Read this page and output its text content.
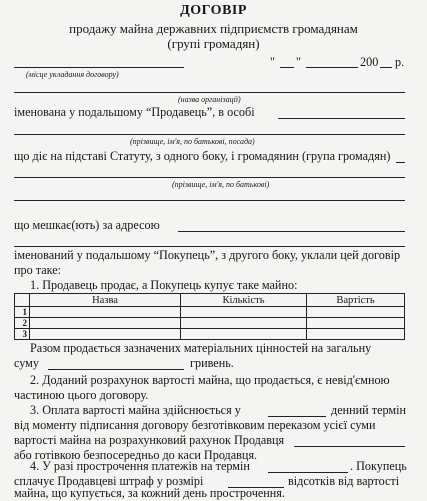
ДОГОВІР
продажу майна державних підприємств громадянам
(групі громадян)
" "	200 р.
(місце укладання договору)
(назва організації)
іменована у подальшому “Продавець”, в особі
(прізвище, ім'я, по батькові, посада)
що діє на підставі Статуту, з одного боку, і громадянин (група громадян)
(прізвище, ім'я, по батькові)
що мешкає(ють) за адресою
іменований у подальшому “Покупець”, з другого боку, уклали цей договір
про таке:
1. Продавець продає, а Покупець купує таке майно:
	Назва	Кількість	Вартість
1			
2			
3			
Разом продається зазначених матеріальних цінностей на загальну
суму	гривень.
2. Доданий розрахунок вартості майна, що продається, є невід'ємною
частиною цього договору.
3. Оплата вартості майна здійснюється у	денний термін
від моменту підписання договору безготівковим переказом усієї суми
вартості майна на розрахунковий рахунок Продавця
або готівкою безпосередньо до каси Продавця.
4. У разі прострочення платежів на термін	. Покупець
сплачує Продавцеві штраф у розмірі	відсотків від вартості
майна, що купується, за кожний день прострочення.
